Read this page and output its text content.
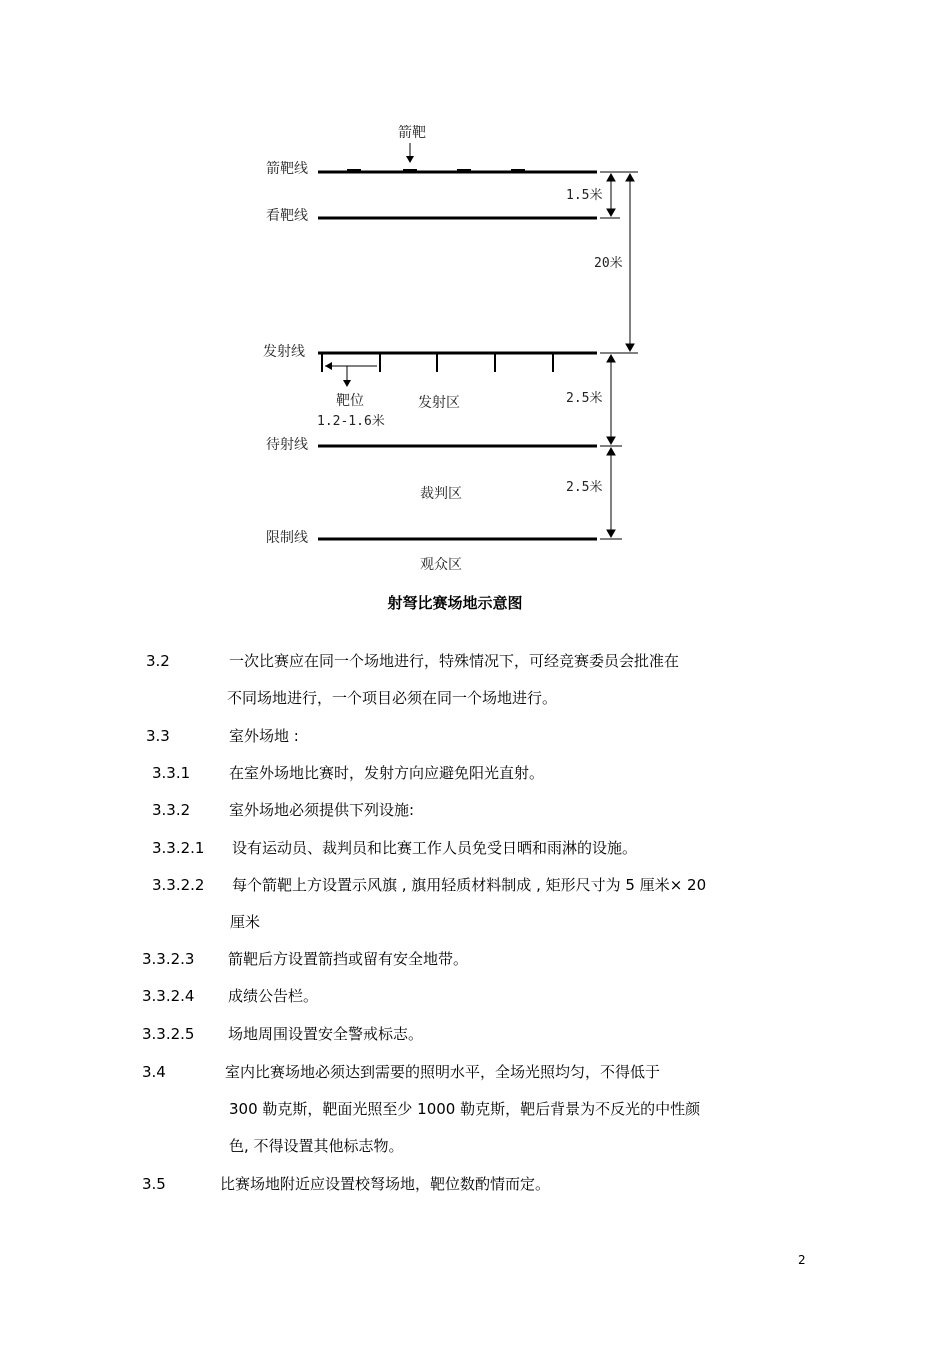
箭靶
箭靶线
看靶线
发射线
待射线
限制线
1.5米
20米
2.5米
2.5米
靶位
1.2-1.6米
发射区
裁判区
观众区
射弩比赛场地示意图
3.2	一次比赛应在同一个场地进行，特殊情况下，可经竞赛委员会批准在
不同场地进行，一个项目必须在同一个场地进行。
3.3	室外场地 :
3.3.1	在室外场地比赛时，发射方向应避免阳光直射。
3.3.2	室外场地必须提供下列设施:
3.3.2.1 设有运动员、裁判员和比赛工作人员免受日晒和雨淋的设施。
3.3.2.2 每个箭靶上方设置示风旗 , 旗用轻质材料制成 , 矩形尺寸为 5 厘米× 20
厘米
3.3.2.3 箭靶后方设置箭挡或留有安全地带。
3.3.2.4 成绩公告栏。
3.3.2.5 场地周围设置安全警戒标志。
3.4	室内比赛场地必须达到需要的照明水平，全场光照均匀，不得低于
300 勒克斯，靶面光照至少 1000 勒克斯，靶后背景为不反光的中性颜
色, 不得设置其他标志物。
3.5	比赛场地附近应设置校弩场地，靶位数酌情而定。
2
